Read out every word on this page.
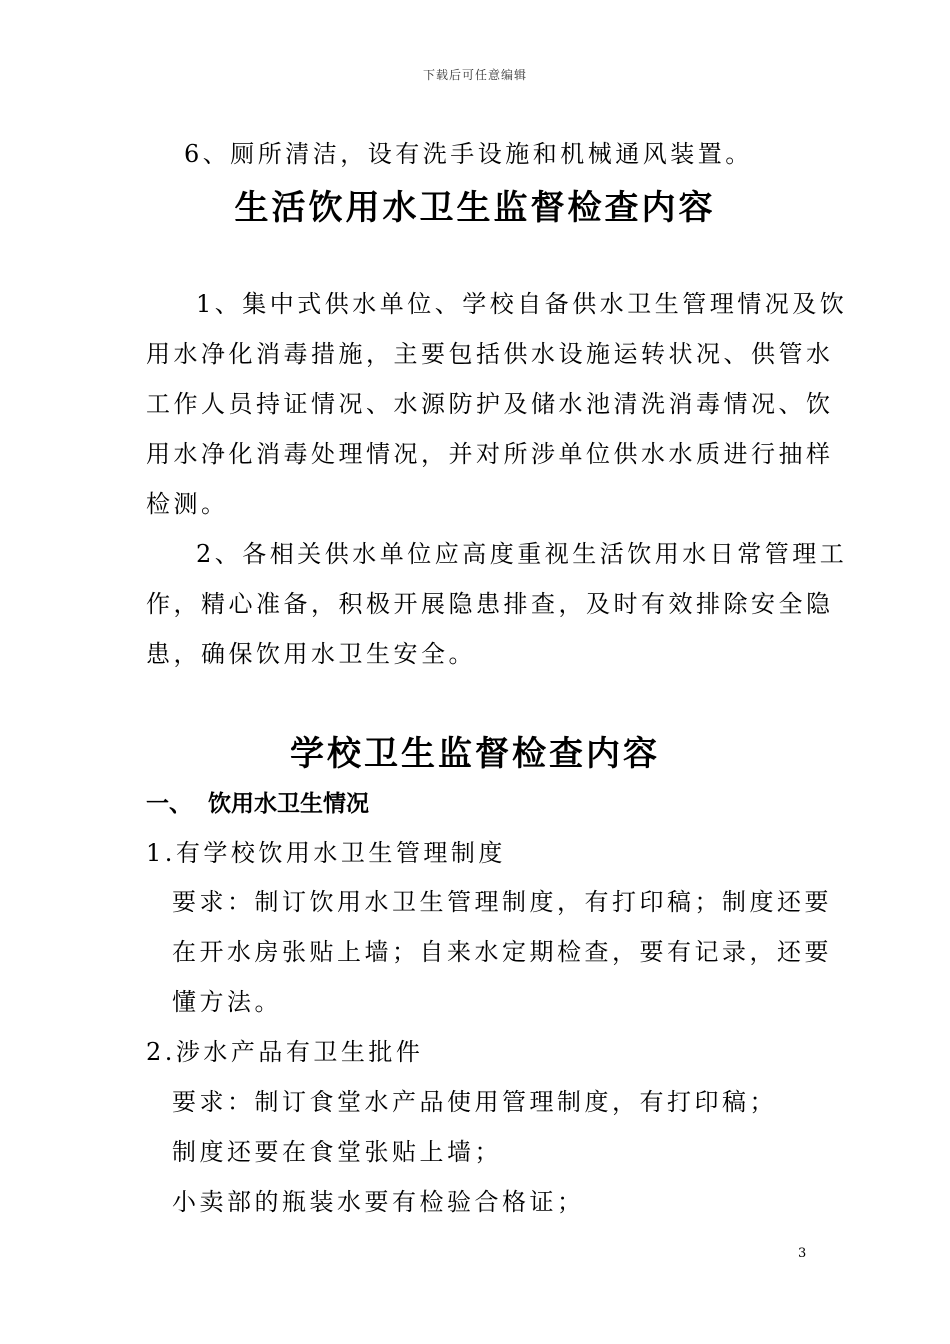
下载后可任意编辑
6、厕所清洁，设有洗手设施和机械通风装置。
生活饮用水卫生监督检查内容
1、集中式供水单位、学校自备供水卫生管理情况及饮
用水净化消毒措施，主要包括供水设施运转状况、供管水
工作人员持证情况、水源防护及储水池清洗消毒情况、饮
用水净化消毒处理情况，并对所涉单位供水水质进行抽样
检测。
2、各相关供水单位应高度重视生活饮用水日常管理工
作，精心准备，积极开展隐患排查，及时有效排除安全隐
患，确保饮用水卫生安全。
学校卫生监督检查内容
一、 饮用水卫生情况
1.有学校饮用水卫生管理制度
要求：制订饮用水卫生管理制度，有打印稿；制度还要
在开水房张贴上墙；自来水定期检查，要有记录，还要
懂方法。
2.涉水产品有卫生批件
要求：制订食堂水产品使用管理制度，有打印稿；
制度还要在食堂张贴上墙；
小卖部的瓶装水要有检验合格证；
3
